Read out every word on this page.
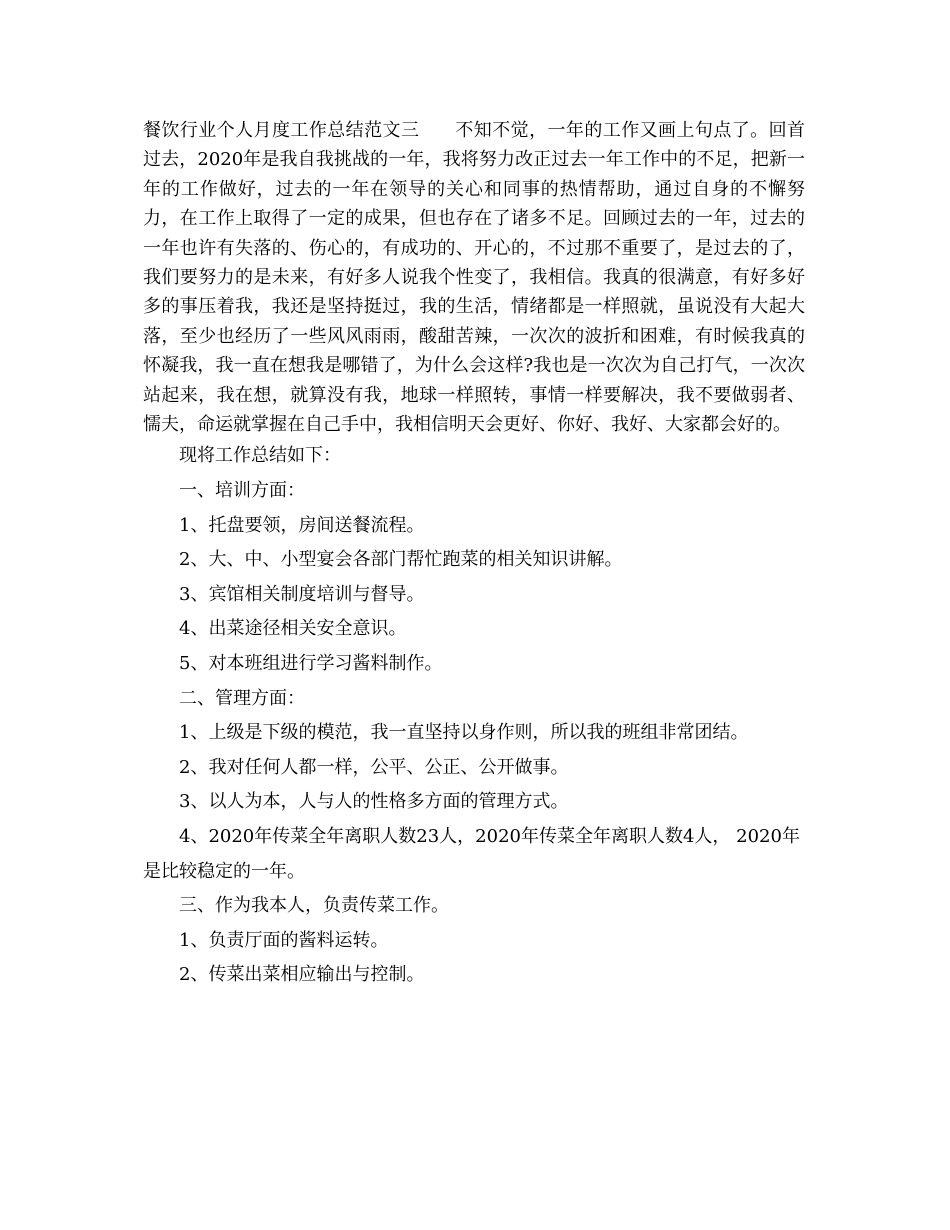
餐饮行业个人月度工作总结范文三 不知不觉，一年的工作又画上句点了。回首过去，2020年是我自我挑战的一年，我将努力改正过去一年工作中的不足，把新一年的工作做好，过去的一年在领导的关心和同事的热情帮助，通过自身的不懈努力，在工作上取得了一定的成果，但也存在了诸多不足。回顾过去的一年，过去的一年也许有失落的、伤心的，有成功的、开心的，不过那不重要了，是过去的了，我们要努力的是未来，有好多人说我个性变了，我相信。我真的很满意，有好多好多的事压着我，我还是坚持挺过，我的生活，情绪都是一样照就，虽说没有大起大落，至少也经历了一些风风雨雨，酸甜苦辣，一次次的波折和困难，有时候我真的怀凝我，我一直在想我是哪错了，为什么会这样?我也是一次次为自己打气，一次次站起来，我在想，就算没有我，地球一样照转，事情一样要解决，我不要做弱者、懦夫，命运就掌握在自己手中，我相信明天会更好、你好、我好、大家都会好的。

现将工作总结如下：

一、培训方面：

1、托盘要领，房间送餐流程。

2、大、中、小型宴会各部门帮忙跑菜的相关知识讲解。

3、宾馆相关制度培训与督导。

4、出菜途径相关安全意识。

5、对本班组进行学习酱料制作。

二、管理方面：

1、上级是下级的模范，我一直坚持以身作则，所以我的班组非常团结。

2、我对任何人都一样，公平、公正、公开做事。

3、以人为本，人与人的性格多方面的管理方式。

4、2020年传菜全年离职人数23人，2020年传菜全年离职人数4人， 2020年是比较稳定的一年。

三、作为我本人，负责传菜工作。

1、负责厅面的酱料运转。

2、传菜出菜相应输出与控制。
